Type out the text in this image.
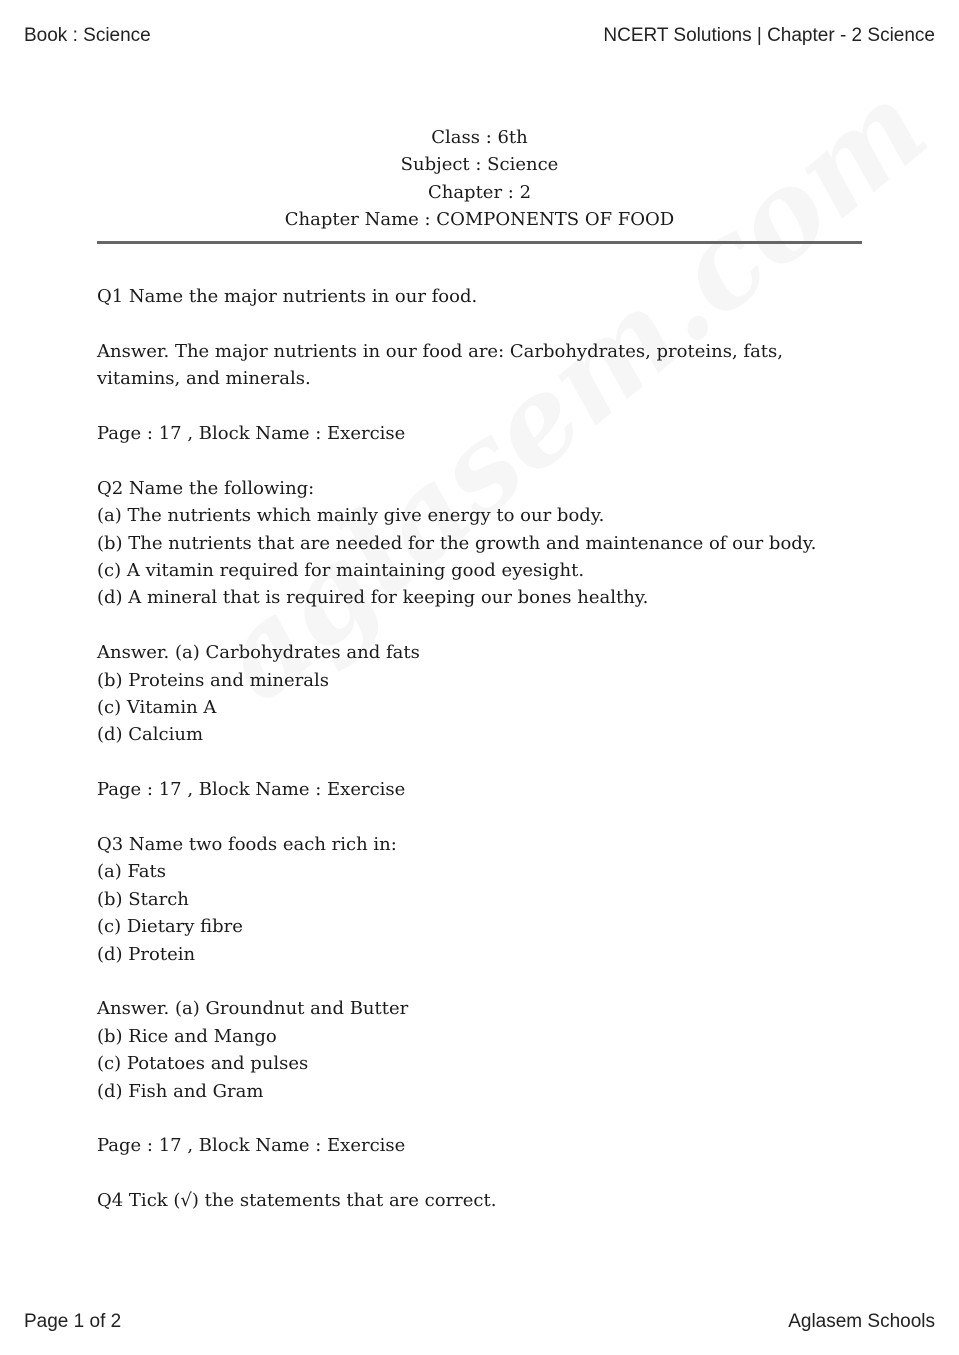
Book : Science	NCERT Solutions | Chapter - 2 Science
Class : 6th
Subject : Science
Chapter : 2
Chapter Name : COMPONENTS OF FOOD

Q1 Name the major nutrients in our food.

Answer. The major nutrients in our food are: Carbohydrates, proteins, fats, vitamins, and minerals.

Page : 17 , Block Name : Exercise

Q2 Name the following:
(a) The nutrients which mainly give energy to our body.
(b) The nutrients that are needed for the growth and maintenance of our body.
(c) A vitamin required for maintaining good eyesight.
(d) A mineral that is required for keeping our bones healthy.

Answer. (a) Carbohydrates and fats
(b) Proteins and minerals
(c) Vitamin A
(d) Calcium

Page : 17 , Block Name : Exercise

Q3 Name two foods each rich in:
(a) Fats
(b) Starch
(c) Dietary fibre
(d) Protein

Answer. (a) Groundnut and Butter
(b) Rice and Mango
(c) Potatoes and pulses
(d) Fish and Gram

Page : 17 , Block Name : Exercise

Q4 Tick (√) the statements that are correct.

Page 1 of 2	Aglasem Schools
